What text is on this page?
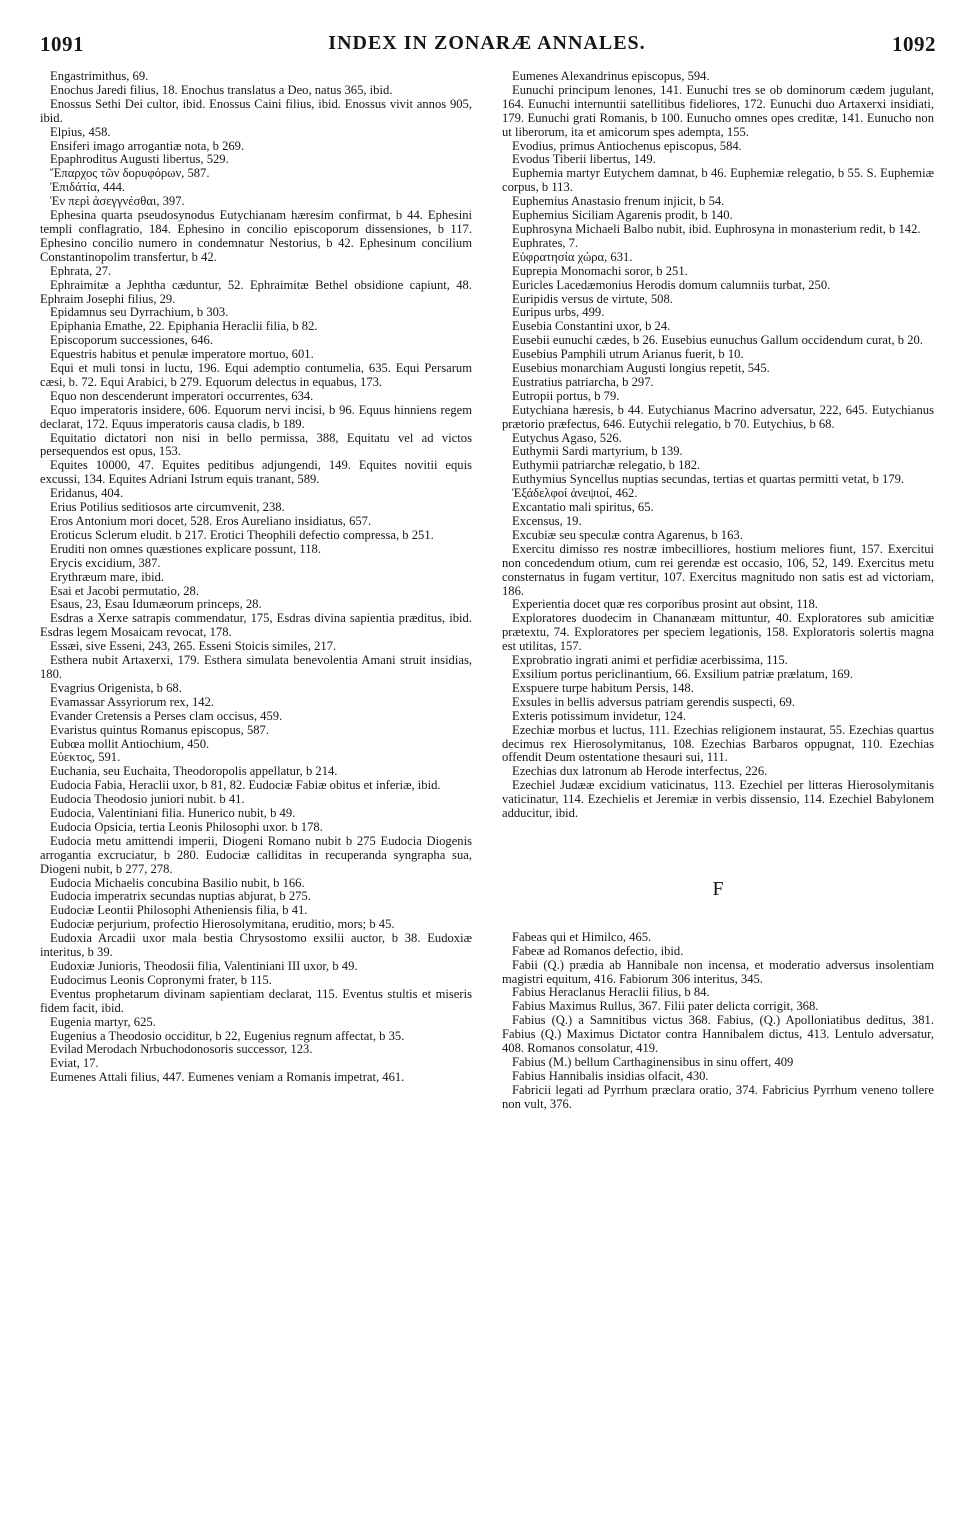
1091	INDEX IN ZONARÆ ANNALES.	1092

Engastrimithus, 69.

Enochus Jaredi filius, 18. Enochus translatus a Deo, natus 365, ibid.

Enossus Sethi Dei cultor, ibid. Enossus Caini filius, ibid. Enossus vivit annos 905, ibid.

Elpius, 458.

Ensiferi imago arrogantiæ nota, b 269.

Epaphroditus Augusti libertus, 529.

Ἔπαρχος τῶν δορυφόρων, 587.

Ἐπιδάτία, 444.

Ἐν περὶ ἀσεγγνέσθαι, 397.

Ephesina quarta pseudosynodus Eutychianam hæresim confirmat, b 44. Ephesini templi conflagratio, 184. Ephesino in concilio episcoporum dissensiones, b 117. Ephesino concilio numero in condemnatur Nestorius, b 42. Ephesinum concilium Constantinopolim transfertur, b 42.

Ephrata, 27.

Ephraimitæ a Jephtha cæduntur, 52. Ephraimitæ Bethel obsidione capiunt, 48. Ephraim Josephi filius, 29.

Epidamnus seu Dyrrachium, b 303.

Epiphania Emathe, 22. Epiphania Heraclii filia, b 82.

Episcoporum successiones, 646.

Equestris habitus et penulæ imperatore mortuo, 601.

Equi et muli tonsi in luctu, 196. Equi ademptio contumelia, 635. Equi Persarum cæsi, b. 72. Equi Arabici, b 279. Equorum delectus in equabus, 173.

Equo non descenderunt imperatori occurrentes, 634.

Equo imperatoris insidere, 606. Equorum nervi incisi, b 96. Equus hinniens regem declarat, 172. Equus imperatoris causa cladis, b 189.

Equitatio dictatori non nisi in bello permissa, 388, Equitatu vel ad victos persequendos est opus, 153.

Equites 10000, 47. Equites peditibus adjungendi, 149. Equites novitii equis excussi, 134. Equites Adriani Istrum equis tranant, 589.

Eridanus, 404.

Erius Potilius seditiosos arte circumvenit, 238.

Eros Antonium mori docet, 528. Eros Aurelianо insidiatus, 657.

Eroticus Sclerum eludit. b 217. Erotici Theophili defectio compressa, b 251.

Eruditi non omnes quæstiones explicare possunt, 118.

Erycis excidium, 387.

Erythræum mare, ibid.

Esai et Jacobi permutatio, 28.

Esaus, 23, Esau Idumæorum princeps, 28.

Esdras a Xerxe satrapis commendatur, 175, Esdras divina sapientia præditus, ibid. Esdras legem Mosaicam revocat, 178.

Essæi, sive Esseni, 243, 265. Esseni Stoicis similes, 217.

Esthera nubit Artaxerxi, 179. Esthera simulata benevolentia Amani struit insidias, 180.

Evagrius Origenista, b 68.

Evamassar Assyriorum rex, 142.

Evander Cretensis a Perses clam occisus, 459.

Evaristus quintus Romanus episcopus, 587.

Eubœa mollit Antiochium, 450.

Εὐεκτος, 591.

Euchania, seu Euchaita, Theodoropolis appellatur, b 214.

Eudocia Fabia, Heraclii uxor, b 81, 82. Eudociæ Fabiæ obitus et inferiæ, ibid.

Eudocia Theodosio juniori nubit. b 41.

Eudocia, Valentiniani filia. Hunerico nubit, b 49.

Eudocia Opsicia, tertia Leonis Philosophi uxor. b 178.

Eudocia metu amittendi imperii, Diogeni Romano nubit b 275 Eudocia Diogenis arrogantia excruciatur, b 280. Eudociæ calliditas in recuperanda syngrapha sua, Diogeni nubit, b 277, 278.

Eudocia Michaelis concubina Basilio nubit, b 166.

Eudocia imperatrix secundas nuptias abjurat, b 275.

Eudociæ Leontii Philosophi Atheniensis filia, b 41.

Eudociæ perjurium, profectio Hierosolymitana, eruditio, mors; b 45.

Eudoxia Arcadii uxor mala bestia Chrysostomo exsilii auctor, b 38. Eudoxiæ interitus, b 39.

Eudoxiæ Junioris, Theodosii filia, Valentiniani III uxor, b 49.

Eudocimus Leonis Copronymi frater, b 115.

Eventus prophetarum divinam sapientiam declarat, 115. Eventus stultis et miseris fidem facit, ibid.

Eugenia martyr, 625.

Eugenius a Theodosio occiditur, b 22, Eugenius regnum affectat, b 35.

Evilad Merodach Nrbuchodonosoris successor, 123.

Eviat, 17.

Eumenes Attali filius, 447. Eumenes veniam a Romanis impetrat, 461.

Eumenes Alexandrinus episcopus, 594.

Eunuchi principum lenones, 141. Eunuchi tres se ob dominorum cædem jugulant, 164. Eunuchi internuntii satellitibus fideliores, 172. Eunuchi duo Artaxerxi insidiati, 179. Eunuchi grati Romanis, b 100. Eunucho omnes opes creditæ, 141. Eunucho non ut liberorum, ita et amicorum spes adempta, 155.

Evodius, primus Antiochenus episcopus, 584.

Evodus Tiberii libertus, 149.

Euphemia martyr Eutychem damnat, b 46. Euphemiæ relegatio, b 55. S. Euphemiæ corpus, b 113.

Euphemius Anastasio frenum injicit, b 54.

Euphemius Siciliam Agarenis prodit, b 140.

Euphrosyna Michaeli Balbo nubit, ibid. Euphrosyna in monasterium redit, b 142.

Euphrates, 7.

Εὐφρατησία χώρα, 631.

Euprepia Monomachi soror, b 251.

Euricles Lacedæmonius Herodis domum calumniis turbat, 250.

Euripidis versus de virtute, 508.

Euripus urbs, 499.

Eusebia Constantini uxor, b 24.

Eusebii eunuchi cædes, b 26. Eusebius eunuchus Gallum occidendum curat, b 20.

Eusebius Pamphili utrum Arianus fuerit, b 10.

Eusebius monarchiam Augusti longius repetit, 545.

Eustratius patriarcha, b 297.

Eutropii portus, b 79.

Eutychiana hæresis, b 44. Eutychianus Macrino adversatur, 222, 645. Eutychianus prætorio præfectus, 646. Eutychii relegatio, b 70. Eutychius, b 68.

Eutychus Agaso, 526.

Euthymii Sardi martyrium, b 139.

Euthymii patriarchæ relegatio, b 182.

Euthymius Syncellus nuptias secundas, tertias et quartas permitti vetat, b 179.

Ἐξάδελφοί ἀνεψιοί, 462.

Excantatio mali spiritus, 65.

Excensus, 19.

Excubiæ seu speculæ contra Agarenus, b 163.

Exercitu dimisso res nostræ imbecilliores, hostium meliores fiunt, 157. Exercitui non concedendum otium, cum rei gerendæ est occasio, 106, 52, 149. Exercitus metu consternatus in fugam vertitur, 107. Exercitus magnitudo non satis est ad victoriam, 186.

Experientia docet quæ res corporibus prosint aut obsint, 118.

Exploratores duodecim in Chananæam mittuntur, 40. Exploratores sub amicitiæ prætextu, 74. Exploratores per speciem legationis, 158. Exploratoris solertis magna est utilitas, 157.

Exprobratio ingrati animi et perfidiæ acerbissima, 115.

Exsilium portus periclinantium, 66. Exsilium patriæ prælatum, 169.

Exspuere turpe habitum Persis, 148.

Exsules in bellis adversus patriam gerendis suspecti, 69.

Exteris potissimum invidetur, 124.

Ezechiæ morbus et luctus, 111. Ezechias religionem instaurat, 55. Ezechias quartus decimus rex Hierosolymitanus, 108. Ezechias Barbaros oppugnat, 110. Ezechias offendit Deum ostentatione thesauri sui, 111.

Ezechias dux latronum ab Herode interfectus, 226.

Ezechiel Judææ excidium vaticinatus, 113. Ezechiel per litteras Hierosolymitanis vaticinatur, 114. Ezechielis et Jeremiæ in verbis dissensio, 114. Ezechiel Babylonem adducitur, ibid.

F

Fabeas qui et Himilco, 465.

Fabeæ ad Romanos defectio, ibid.

Fabii (Q.) prædia ab Hannibale non incensa, et moderatio adversus insolentiam magistri equitum, 416. Fabiorum 306 interitus, 345.

Fabius Heraclanus Heraclii filius, b 84.

Fabius Maximus Rullus, 367. Filii pater delicta corrigit, 368.

Fabius (Q.) a Samnitibus victus 368. Fabius, (Q.) Apolloniatibus deditus, 381. Fabius (Q.) Maximus Dictator contra Hannibalem dictus, 413. Lentulo adversatur, 408. Romanos consolatur, 419.

Fabius (M.) bellum Carthaginensibus in sinu offert, 409

Fabius Hannibalis insidias olfacit, 430.

Fabricii legati ad Pyrrhum præclara oratio, 374. Fabricius Pyrrhum veneno tollere non vult, 376.
